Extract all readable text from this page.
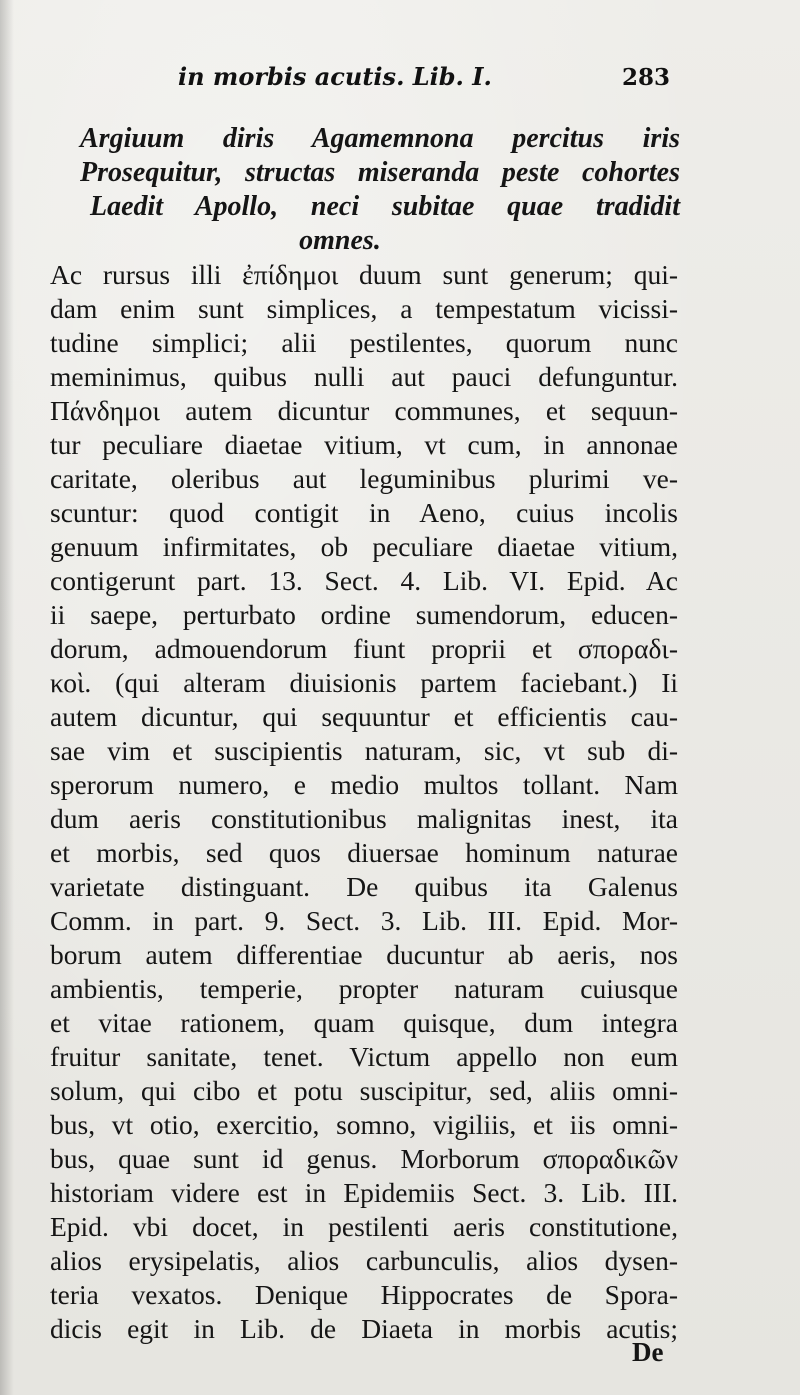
in morbis acutis. Lib. I.	283
Argiuum diris Agamemnona percitus iris
Prosequitur, structas miseranda peste cohortes
Laedit Apollo, neci subitae quae tradidit
omnes.
Ac rursus illi ἐπίδημοι duum sunt generum; qui-
dam enim sunt simplices, a tempestatum vicissi-
tudine simplici; alii pestilentes, quorum nunc
meminimus, quibus nulli aut pauci defunguntur.
Πάνδημοι autem dicuntur communes, et sequun-
tur peculiare diaetae vitium, vt cum, in annonae
caritate, oleribus aut leguminibus plurimi ve-
scuntur: quod contigit in Aeno, cuius incolis
genuum infirmitates, ob peculiare diaetae vitium,
contigerunt part. 13. Sect. 4. Lib. VI. Epid. Ac
ii saepe, perturbato ordine sumendorum, educen-
dorum, admouendorum fiunt proprii et σποραδι-
κοὶ. (qui alteram diuisionis partem faciebant.) Ii
autem dicuntur, qui sequuntur et efficientis cau-
sae vim et suscipientis naturam, sic, vt sub di-
sperorum numero, e medio multos tollant. Nam
dum aeris constitutionibus malignitas inest, ita
et morbis, sed quos diuersae hominum naturae
varietate distinguant. De quibus ita Galenus
Comm. in part. 9. Sect. 3. Lib. III. Epid. Mor-
borum autem differentiae ducuntur ab aeris, nos
ambientis, temperie, propter naturam cuiusque
et vitae rationem, quam quisque, dum integra
fruitur sanitate, tenet. Victum appello non eum
solum, qui cibo et potu suscipitur, sed, aliis omni-
bus, vt otio, exercitio, somno, vigiliis, et iis omni-
bus, quae sunt id genus. Morborum σποραδικῶν
historiam videre est in Epidemiis Sect. 3. Lib. III.
Epid. vbi docet, in pestilenti aeris constitutione,
alios erysipelatis, alios carbunculis, alios dysen-
teria vexatos. Denique Hippocrates de Spora-
dicis egit in Lib. de Diaeta in morbis acutis;
De
